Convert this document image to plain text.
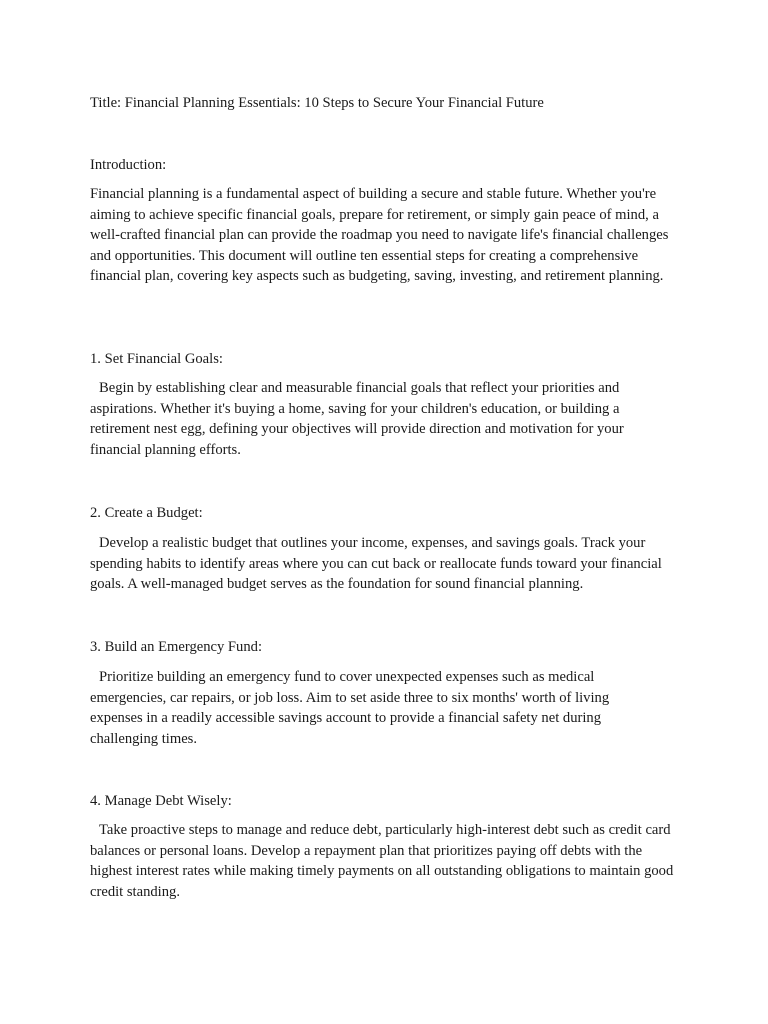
Title: Financial Planning Essentials: 10 Steps to Secure Your Financial Future

Introduction:

Financial planning is a fundamental aspect of building a secure and stable future. Whether you're aiming to achieve specific financial goals, prepare for retirement, or simply gain peace of mind, a well-crafted financial plan can provide the roadmap you need to navigate life's financial challenges and opportunities. This document will outline ten essential steps for creating a comprehensive financial plan, covering key aspects such as budgeting, saving, investing, and retirement planning.

1. Set Financial Goals:

Begin by establishing clear and measurable financial goals that reflect your priorities and aspirations. Whether it's buying a home, saving for your children's education, or building a retirement nest egg, defining your objectives will provide direction and motivation for your financial planning efforts.

2. Create a Budget:

Develop a realistic budget that outlines your income, expenses, and savings goals. Track your spending habits to identify areas where you can cut back or reallocate funds toward your financial goals. A well-managed budget serves as the foundation for sound financial planning.

3. Build an Emergency Fund:

Prioritize building an emergency fund to cover unexpected expenses such as medical emergencies, car repairs, or job loss. Aim to set aside three to six months' worth of living expenses in a readily accessible savings account to provide a financial safety net during challenging times.

4. Manage Debt Wisely:

Take proactive steps to manage and reduce debt, particularly high-interest debt such as credit card balances or personal loans. Develop a repayment plan that prioritizes paying off debts with the highest interest rates while making timely payments on all outstanding obligations to maintain good credit standing.
